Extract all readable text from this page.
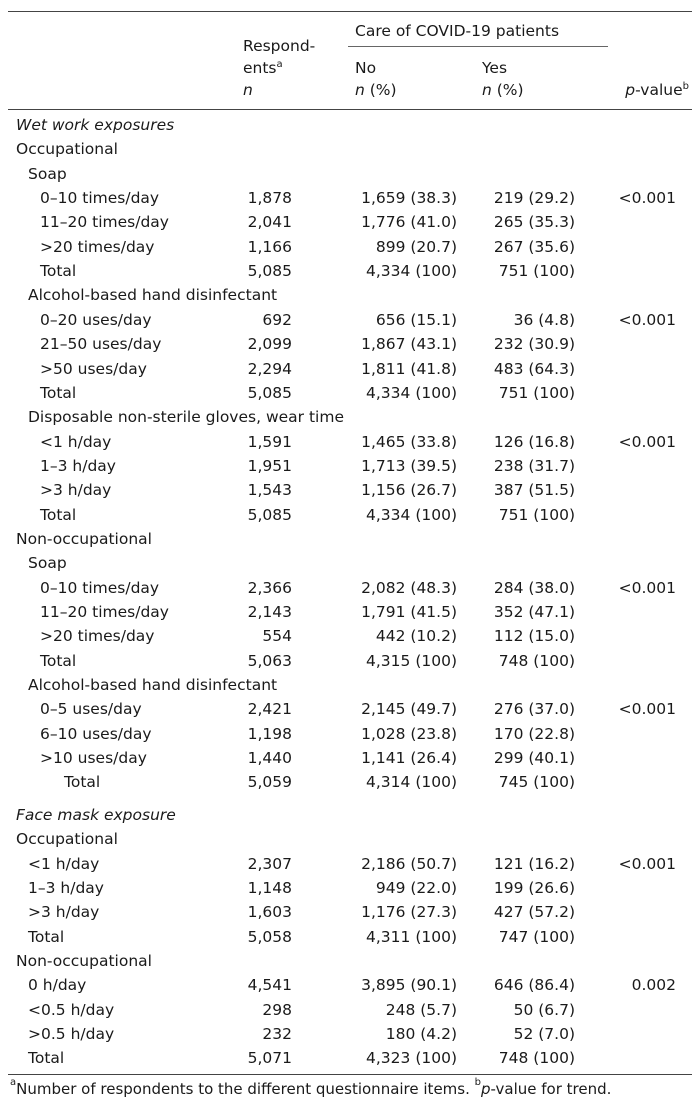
Respond-
ents$^a$
n
Care of COVID-19 patients
No
n (%)
Yes
n (%)	p-value$^b$
Wet work exposures
Occupational
Soap
0–10 times/day	1,878	1,659 (38.3) 219 (29.2)	<0.001
11–20 times/day	2,041	1,776 (41.0) 265 (35.3)
>20 times/day	1,166	899 (20.7) 267 (35.6)
Total	5,085	4,334 (100)	751 (100)
Alcohol-based hand disinfectant
0–20 uses/day	692	656 (15.1)	36 (4.8)	<0.001
21–50 uses/day	2,099	1,867 (43.1) 232 (30.9)
>50 uses/day	2,294	1,811 (41.8) 483 (64.3)
Total	5,085	4,334 (100)	751 (100)
Disposable non-sterile gloves, wear time
<1 h/day	1,591	1,465 (33.8) 126 (16.8)	<0.001
1–3 h/day	1,951	1,713 (39.5) 238 (31.7)
>3 h/day	1,543	1,156 (26.7) 387 (51.5)
Total	5,085	4,334 (100)	751 (100)
Non-occupational
Soap
0–10 times/day	2,366	2,082 (48.3) 284 (38.0)	<0.001
11–20 times/day	2,143	1,791 (41.5) 352 (47.1)
>20 times/day	554	442 (10.2) 112 (15.0)
Total	5,063	4,315 (100)	748 (100)
Alcohol-based hand disinfectant
0–5 uses/day	2,421	2,145 (49.7) 276 (37.0)	<0.001
6–10 uses/day	1,198	1,028 (23.8) 170 (22.8)
>10 uses/day	1,440	1,141 (26.4) 299 (40.1)
Total	5,059	4,314 (100)	745 (100)
Face mask exposure
Occupational
<1 h/day	2,307	2,186 (50.7) 121 (16.2)	<0.001
1–3 h/day	1,148	949 (22.0) 199 (26.6)
>3 h/day	1,603	1,176 (27.3) 427 (57.2)
Total	5,058	4,311 (100)	747 (100)
Non-occupational
0 h/day	4,541	3,895 (90.1) 646 (86.4)	0.002
<0.5 h/day	298	248 (5.7)	50 (6.7)
>0.5 h/day	232	180 (4.2)	52 (7.0)
Total	5,071	4,323 (100)	748 (100)
$^a$Number of respondents to the different questionnaire items. $^b$p-value for trend.
